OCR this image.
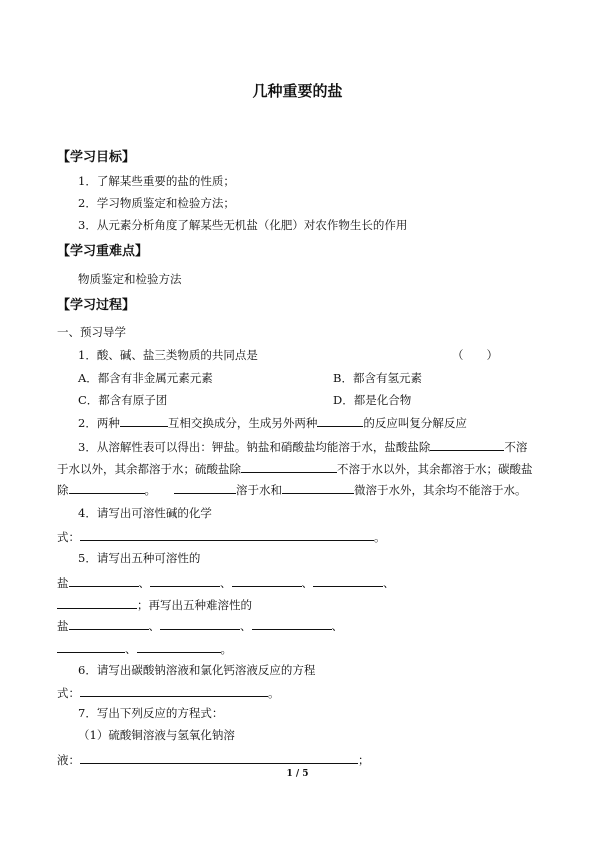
几种重要的盐
【学习目标】
1．了解某些重要的盐的性质；
2．学习物质鉴定和检验方法；
3．从元素分析角度了解某些无机盐（化肥）对农作物生长的作用
【学习重难点】
物质鉴定和检验方法
【学习过程】
一、预习导学
1．酸、碱、盐三类物质的共同点是	（　　）
A．都含有非金属元素元素	B．都含有氢元素
C．都含有原子团	D．都是化合物
2．两种	互相交换成分，生成另外两种	的反应叫复分解反应
3．从溶解性表可以得出：钾盐。钠盐和硝酸盐均能溶于水，盐酸盐除	不溶
于水以外，其余都溶于水；硫酸盐除	不溶于水以外，其余都溶于水；碳酸盐
除	。	溶于水和	微溶于水外，其余均不能溶于水。
4．请写出可溶性碱的化学
式：	。
5．请写出五种可溶性的
盐	、	、	、	、
；再写出五种难溶性的
盐	、	、	、
、	。
6．请写出碳酸钠溶液和氯化钙溶液反应的方程
式：	。
7．写出下列反应的方程式：
（1）硫酸铜溶液与氢氧化钠溶
液：	；
1 / 5
